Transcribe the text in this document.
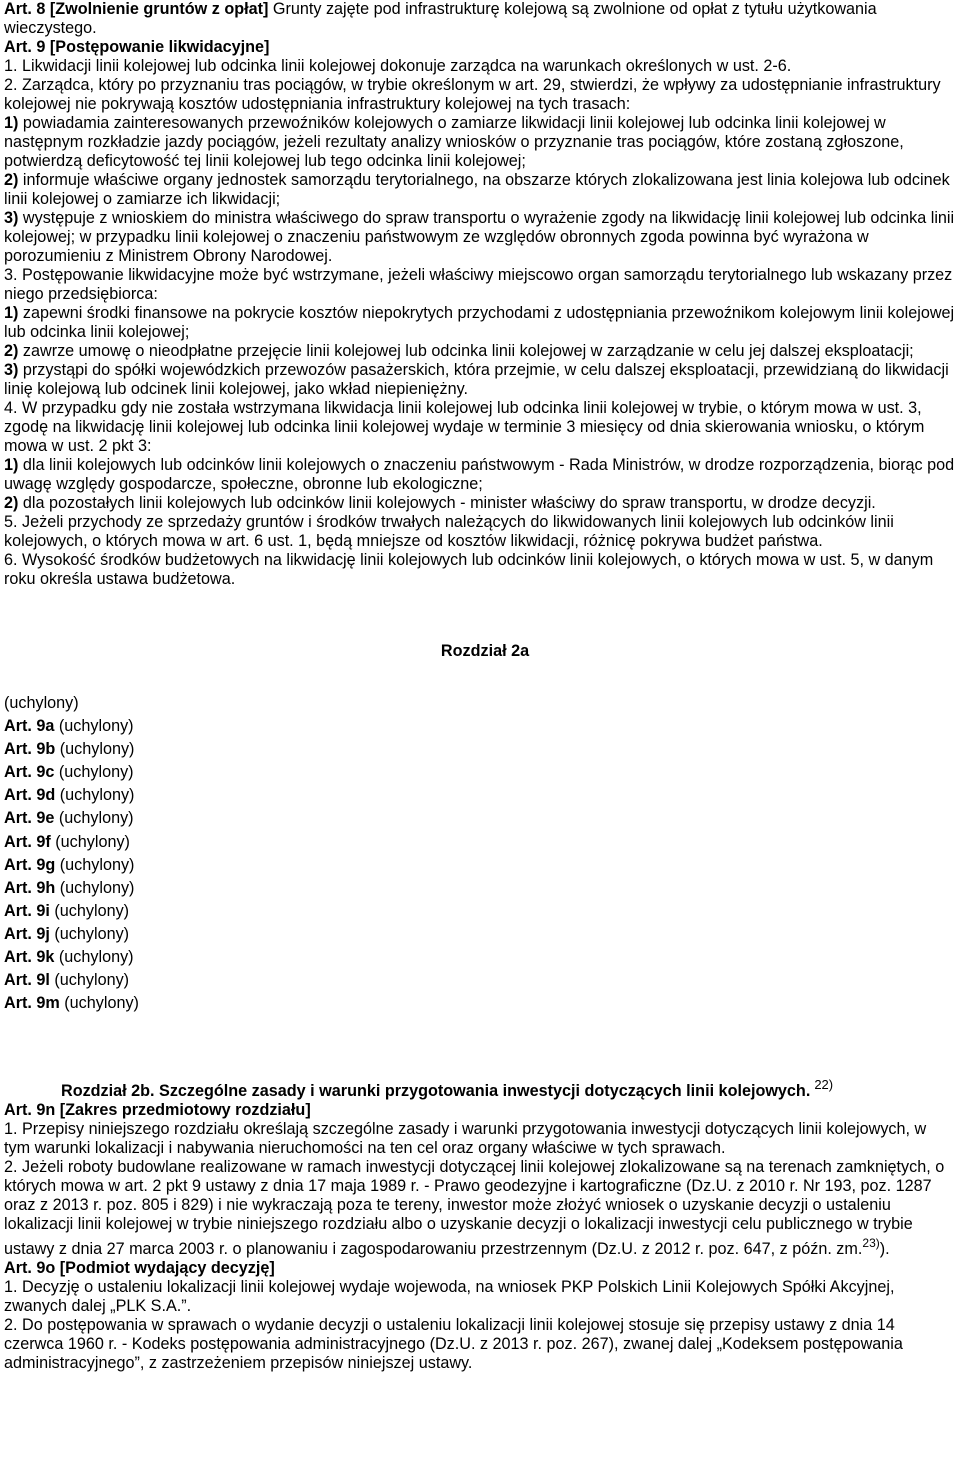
Art. 8 [Zwolnienie gruntów z opłat] Grunty zajęte pod infrastrukturę kolejową są zwolnione od opłat z tytułu użytkowania wieczystego.

Art. 9 [Postępowanie likwidacyjne]

1. Likwidacji linii kolejowej lub odcinka linii kolejowej dokonuje zarządca na warunkach określonych w ust. 2-6.

2. Zarządca, który po przyznaniu tras pociągów, w trybie określonym w art. 29, stwierdzi, że wpływy za udostępnianie infrastruktury kolejowej nie pokrywają kosztów udostępniania infrastruktury kolejowej na tych trasach:

1) powiadamia zainteresowanych przewoźników kolejowych o zamiarze likwidacji linii kolejowej lub odcinka linii kolejowej w następnym rozkładzie jazdy pociągów, jeżeli rezultaty analizy wniosków o przyznanie tras pociągów, które zostaną zgłoszone, potwierdzą deficytowość tej linii kolejowej lub tego odcinka linii kolejowej;

2) informuje właściwe organy jednostek samorządu terytorialnego, na obszarze których zlokalizowana jest linia kolejowa lub odcinek linii kolejowej o zamiarze ich likwidacji;

3) występuje z wnioskiem do ministra właściwego do spraw transportu o wyrażenie zgody na likwidację linii kolejowej lub odcinka linii kolejowej; w przypadku linii kolejowej o znaczeniu państwowym ze względów obronnych zgoda powinna być wyrażona w porozumieniu z Ministrem Obrony Narodowej.

3. Postępowanie likwidacyjne może być wstrzymane, jeżeli właściwy miejscowo organ samorządu terytorialnego lub wskazany przez niego przedsiębiorca:

1) zapewni środki finansowe na pokrycie kosztów niepokrytych przychodami z udostępniania przewoźnikom kolejowym linii kolejowej lub odcinka linii kolejowej;

2) zawrze umowę o nieodpłatne przejęcie linii kolejowej lub odcinka linii kolejowej w zarządzanie w celu jej dalszej eksploatacji;

3) przystąpi do spółki wojewódzkich przewozów pasażerskich, która przejmie, w celu dalszej eksploatacji, przewidzianą do likwidacji linię kolejową lub odcinek linii kolejowej, jako wkład niepieniężny.

4. W przypadku gdy nie została wstrzymana likwidacja linii kolejowej lub odcinka linii kolejowej w trybie, o którym mowa w ust. 3, zgodę na likwidację linii kolejowej lub odcinka linii kolejowej wydaje w terminie 3 miesięcy od dnia skierowania wniosku, o którym mowa w ust. 2 pkt 3:

1) dla linii kolejowych lub odcinków linii kolejowych o znaczeniu państwowym - Rada Ministrów, w drodze rozporządzenia, biorąc pod uwagę względy gospodarcze, społeczne, obronne lub ekologiczne;

2) dla pozostałych linii kolejowych lub odcinków linii kolejowych - minister właściwy do spraw transportu, w drodze decyzji.

5. Jeżeli przychody ze sprzedaży gruntów i środków trwałych należących do likwidowanych linii kolejowych lub odcinków linii kolejowych, o których mowa w art. 6 ust. 1, będą mniejsze od kosztów likwidacji, różnicę pokrywa budżet państwa.

6. Wysokość środków budżetowych na likwidację linii kolejowych lub odcinków linii kolejowych, o których mowa w ust. 5, w danym roku określa ustawa budżetowa.

Rozdział 2a

(uchylony)
Art. 9a (uchylony)
Art. 9b (uchylony)
Art. 9c (uchylony)
Art. 9d (uchylony)
Art. 9e (uchylony)
Art. 9f (uchylony)
Art. 9g (uchylony)
Art. 9h (uchylony)
Art. 9i (uchylony)
Art. 9j (uchylony)
Art. 9k (uchylony)
Art. 9l (uchylony)
Art. 9m (uchylony)

Rozdział 2b. Szczególne zasady i warunki przygotowania inwestycji dotyczących linii kolejowych. $^{22)}$

Art. 9n [Zakres przedmiotowy rozdziału]

1. Przepisy niniejszego rozdziału określają szczególne zasady i warunki przygotowania inwestycji dotyczących linii kolejowych, w tym warunki lokalizacji i nabywania nieruchomości na ten cel oraz organy właściwe w tych sprawach.

2. Jeżeli roboty budowlane realizowane w ramach inwestycji dotyczącej linii kolejowej zlokalizowane są na terenach zamkniętych, o których mowa w art. 2 pkt 9 ustawy z dnia 17 maja 1989 r. - Prawo geodezyjne i kartograficzne (Dz.U. z 2010 r. Nr 193, poz. 1287 oraz z 2013 r. poz. 805 i 829) i nie wykraczają poza te tereny, inwestor może złożyć wniosek o uzyskanie decyzji o ustaleniu lokalizacji linii kolejowej w trybie niniejszego rozdziału albo o uzyskanie decyzji o lokalizacji inwestycji celu publicznego w trybie ustawy z dnia 27 marca 2003 r. o planowaniu i zagospodarowaniu przestrzennym (Dz.U. z 2012 r. poz. 647, z późn. zm.$^{23)}$).

Art. 9o [Podmiot wydający decyzję]

1. Decyzję o ustaleniu lokalizacji linii kolejowej wydaje wojewoda, na wniosek PKP Polskich Linii Kolejowych Spółki Akcyjnej, zwanych dalej „PLK S.A.”.

2. Do postępowania w sprawach o wydanie decyzji o ustaleniu lokalizacji linii kolejowej stosuje się przepisy ustawy z dnia 14 czerwca 1960 r. - Kodeks postępowania administracyjnego (Dz.U. z 2013 r. poz. 267), zwanej dalej „Kodeksem postępowania administracyjnego”, z zastrzeżeniem przepisów niniejszej ustawy.
